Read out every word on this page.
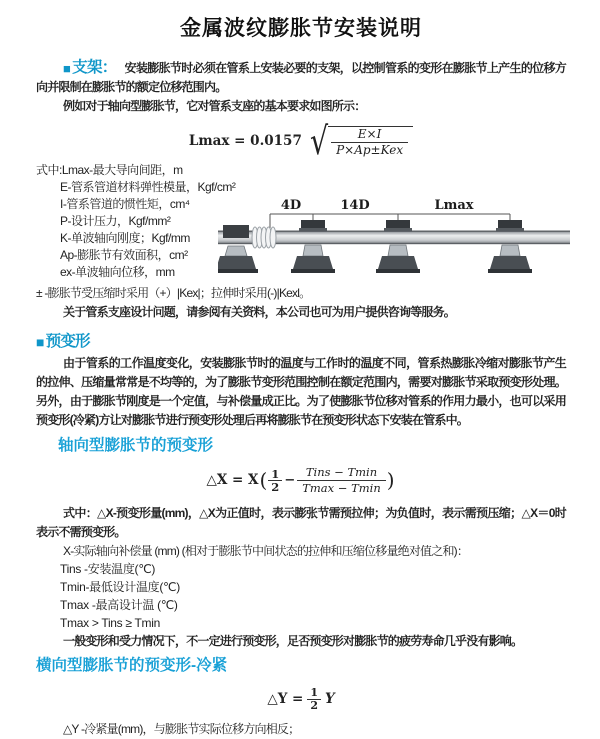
金属波纹膨胀节安装说明

■ 支架： 安装膨胀节时必须在管系上安装必要的支架，以控制管系的变形在膨胀节上产生的位移方向并限制在膨胀节的额定位移范围内。

例如对于轴向型膨胀节，它对管系支座的基本要求如图所示：

Lmax = 0.0157 √ $\frac{E\times I}{\text{P×Ap±Kex}}$

式中:Lmax-最大导向间距，m

E-管系管道材料弹性模量，Kgf/cm²

I-管系管道的惯性矩，cm⁴

P-设计压力，Kgf/mm²

K-单波轴向刚度；Kgf/mm

Ap-膨胀节有效面积，cm²

ex-单波轴向位移，mm

4D	14D	Lmax

± -膨胀节受压缩时采用（+）|Kex|；拉伸时采用(-)|Kexl。

关于管系支座设计问题，请参阅有关资料，本公司也可为用户提供咨询等服务。

■ 预变形

由于管系的工作温度变化，安装膨胀节时的温度与工作时的温度不同，管系热膨胀冷缩对膨胀节产生的拉伸、压缩量常常是不均等的，为了膨胀节变形范围控制在额定范围内，需要对膨胀节采取预变形处理。另外，由于膨胀节刚度是一个定值，与补偿量成正比。为了使膨胀节位移对管系的作用力最小，也可以采用预变形(冷紧)方让对膨胀节进行预变形处理后再将膨胀节在预变形状态下安装在管系中。

轴向型膨胀节的预变形

△X = X ( $\frac{1}{2} - \frac{\text{Tins − Tmin}}{Tmax - Tmin}$ )

式中：△X-预变形量(mm)，△X为正值时，表示膨张节需预拉伸；为负值时，表示需预压缩；△X＝0时表示不需预变形。

X-实际轴向补偿量 (mm) (相对于膨胀节中间状态的拉伸和压缩位移量绝对值之和)：

Tins -安装温度(℃)

Tmin-最低设计温度(℃)

Tmax -最高设计温 (℃)

Tmax > Tins ≥ Tmin

一般变形和受力情况下，不一定进行预变形，足否预变形对膨胀节的疲劳寿命几乎没有影响。

横向型膨胀节的预变形-冷紧

△Y = $\frac{1}{2}$ Y

△Y -冷紧量(mm)，与膨胀节实际位移方向相反；
